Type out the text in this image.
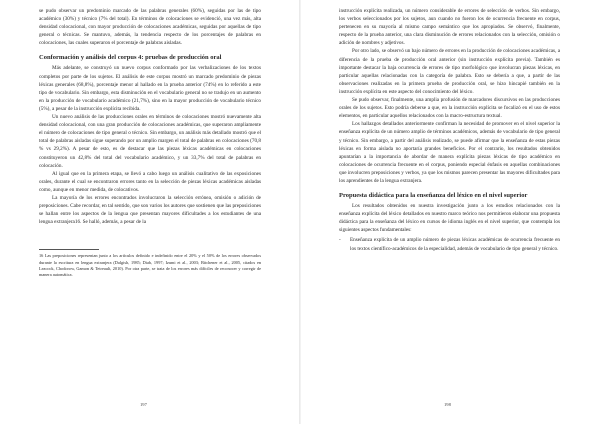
se pudo observar un predominio marcado de las palabras generales (60%), seguidas por las de tipo académico (30%) y técnico (7% del total). En términos de colocaciones se evidenció, una vez más, alta densidad colocacional, con mayor producción de colocaciones académicas, seguidas por aquellas de tipo general o técnicas. Se mantuvo, además, la tendencia respecto de los porcentajes de palabras en colocaciones, las cuales superaron el porcentaje de palabras aisladas.

Conformación y análisis del corpus 4: pruebas de producción oral

Más adelante, se construyó un nuevo corpus conformado por las verbalizaciones de los textos completos por parte de los sujetos. El análisis de este corpus mostró un marcado predominio de piezas léxicas generales (68,8%), porcentaje menor al hallado en la prueba anterior (74%) en lo referido a este tipo de vocabulario. Sin embargo, esta disminución en el vocabulario general no se tradujo en un aumento en la producción de vocabulario académico (21,7%), sino en la mayor producción de vocabulario técnico (5%), a pesar de la instrucción explícita recibida.

Un nuevo análisis de las producciones orales en términos de colocaciones mostró nuevamente alta densidad colocacional, con una gran producción de colocaciones académicas, que superaron ampliamente el número de colocaciones de tipo general o técnico. Sin embargo, un análisis más detallado mostró que el total de palabras aisladas sigue superando por un amplio margen el total de palabras en colocaciones (70,8 % vs 29,2%). A pesar de esto, es de destacar que las piezas léxicas académicas en colocaciones constituyeron un 42,8% del total del vocabulario académico, y un 33,7% del total de palabras en colocación.

Al igual que en la primera etapa, se llevó a cabo luego un análisis cualitativo de las exposiciones orales, durante el cual se encontraron errores tanto en la selección de piezas léxicas académicas aisladas como, aunque en menor medida, de colocativos.

La mayoría de los errores encontrados involucraron la selección errónea, omisión o adición de preposiciones. Cabe recordar, en tal sentido, que son varios los autores que sostienen que las preposiciones se hallan entre los aspectos de la lengua que presentan mayores dificultades a los estudiantes de una lengua extranjera16. Se halló, además, a pesar de la

16 Las preposiciones representan junto a los artículos definido e indefinido entre el 20% y el 50% de los errores observados durante la escritura en lengua extranjera (Dalgish, 1985; Diab, 1997; Izumi et al., 2003; Bitchener et al., 2005, citados en Leacock, Chodorow, Gamon & Tetreault, 2010). Por otra parte, se trata de los errores más difíciles de reconocer y corregir de manera automática.

197

instrucción explícita realizada, un número considerable de errores de selección de verbos. Sin embargo, los verbos seleccionados por los sujetos, aun cuando no fueron los de ocurrencia frecuente en corpus, pertenecen en su mayoría al mismo campo semántico que los apropiados. Se observó, finalmente, respecto de la prueba anterior, una clara disminución de errores relacionados con la selección, omisión o adición de nombres y adjetivos.

Por otro lado, se observó un bajo número de errores en la producción de colocaciones académicas, a diferencia de la prueba de producción oral anterior (sin instrucción explícita previa). También es importante destacar la baja ocurrencia de errores de tipo morfológico que involucran piezas léxicas, en particular aquellas relacionadas con la categoría de palabra. Esto se debería a que, a partir de las observaciones realizadas en la primera prueba de producción oral, se hizo hincapié también en la instrucción explícita en este aspecto del conocimiento del léxico.

Se pudo observar, finalmente, una amplia profusión de marcadores discursivos en las producciones orales de los sujetos. Esto podría deberse a que, en la instrucción explícita se focalizó en el uso de estos elementos, en particular aquellos relacionados con la macro-estructura textual.

Los hallazgos detallados anteriormente confirman la necesidad de promover en el nivel superior la enseñanza explícita de un número amplio de términos académicos, además de vocabulario de tipo general y técnico. Sin embargo, a partir del análisis realizado, se puede afirmar que la enseñanza de estas piezas léxicas en forma aislada no aportaría grandes beneficios. Por el contrario, los resultados obtenidos apuntarían a la importancia de abordar de manera explícita piezas léxicas de tipo académico en colocaciones de ocurrencia frecuente en el corpus, poniendo especial énfasis en aquellas combinaciones que involucren preposiciones y verbos, ya que los mismos parecen presentar las mayores dificultades para los aprendientes de la lengua extranjera.

Propuesta didáctica para la enseñanza del léxico en el nivel superior

Los resultados obtenidos en nuestra investigación junto a los estudios relacionados con la enseñanza explícita del léxico detallados en nuestro marco teórico nos permitieron elaborar una propuesta didáctica para la enseñanza del léxico en cursos de idioma inglés en el nivel superior, que contempla los siguientes aspectos fundamentales:

- Enseñanza explícita de un amplio número de piezas léxicas académicas de ocurrencia frecuente en los textos científico-académicos de la especialidad, además de vocabulario de tipo general y técnico.
198
